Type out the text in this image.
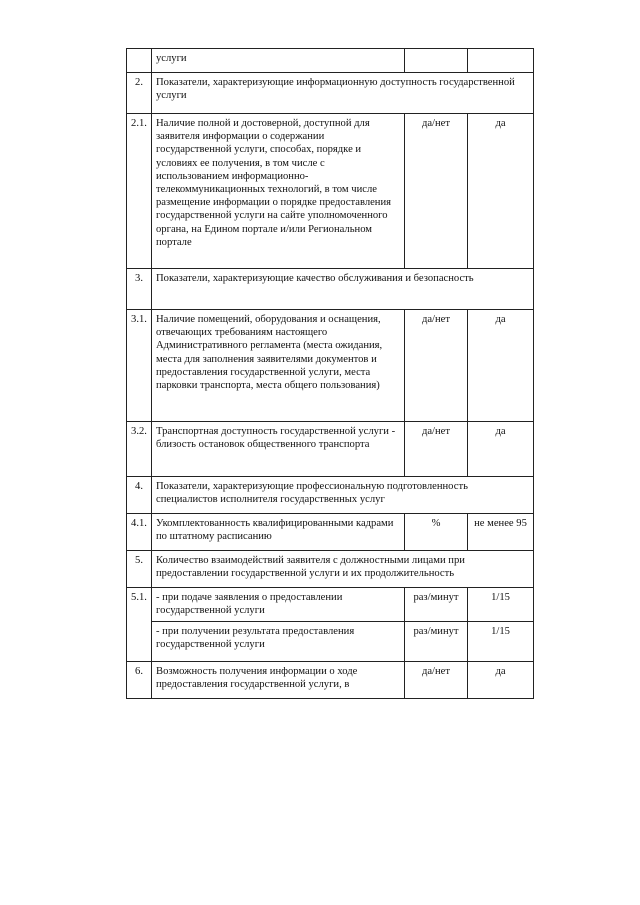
	услуги		
2.	Показатели, характеризующие информационную доступность государственной услуги		
2.1.	Наличие полной и достоверной, доступной для заявителя информации о содержании государственной услуги, способах, порядке и условиях ее получения, в том числе с использованием информационно-телекоммуникационных технологий, в том числе размещение информации о порядке предоставления государственной услуги на сайте уполномоченного органа, на Едином портале и/или Региональном портале	да/нет	да
3.	Показатели, характеризующие качество обслуживания и безопасность		
3.1.	Наличие помещений, оборудования и оснащения, отвечающих требованиям настоящего Административного регламента (места ожидания, места для заполнения заявителями документов и предоставления государственной услуги, места парковки транспорта, места общего пользования)	да/нет	да
3.2.	Транспортная доступность государственной услуги - близость остановок общественного транспорта	да/нет	да
4.	Показатели, характеризующие профессиональную подготовленность специалистов исполнителя государственных услуг		
4.1.	Укомплектованность квалифицированными кадрами по штатному расписанию	%	не менее 95
5.	Количество взаимодействий заявителя с должностными лицами при предоставлении государственной услуги и их продолжительность		
5.1.	- при подаче заявления о предоставлении государственной услуги	раз/минут	1/15
	- при получении результата предоставления государственной услуги	раз/минут	1/15
6.	Возможность получения информации о ходе предоставления государственной услуги, в	да/нет	да
